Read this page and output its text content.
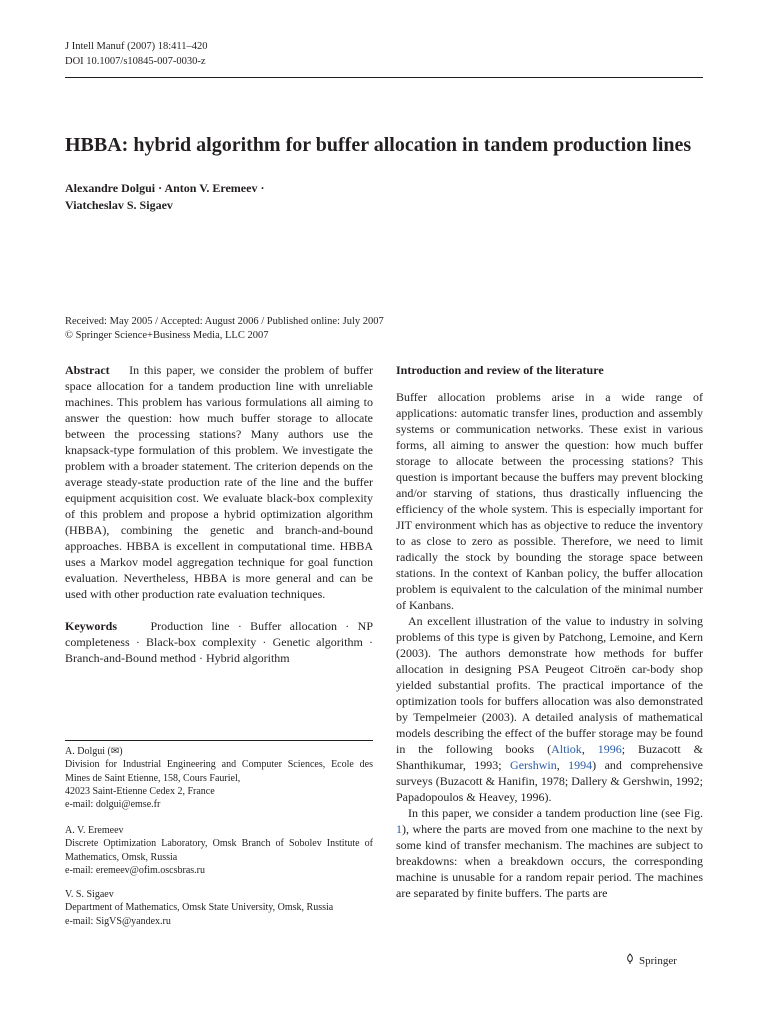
J Intell Manuf (2007) 18:411–420
DOI 10.1007/s10845-007-0030-z
HBBA: hybrid algorithm for buffer allocation in tandem production lines
Alexandre Dolgui · Anton V. Eremeev ·
Viatcheslav S. Sigaev
Received: May 2005 / Accepted: August 2006 / Published online: July 2007
© Springer Science+Business Media, LLC 2007

Abstract In this paper, we consider the problem of buffer space allocation for a tandem production line with unreliable machines. This problem has various formulations all aiming to answer the question: how much buffer storage to allocate between the processing stations? Many authors use the knapsack-type formulation of this problem. We investigate the problem with a broader statement. The criterion depends on the average steady-state production rate of the line and the buffer equipment acquisition cost. We evaluate black-box complexity of this problem and propose a hybrid optimization algorithm (HBBA), combining the genetic and branch-and-bound approaches. HBBA is excellent in computational time. HBBA uses a Markov model aggregation technique for goal function evaluation. Nevertheless, HBBA is more general and can be used with other production rate evaluation techniques.

Keywords	Production line · Buffer allocation · NP completeness · Black-box complexity · Genetic algorithm · Branch-and-Bound method · Hybrid algorithm

A. Dolgui (✉)
Division for Industrial Engineering and Computer Sciences, Ecole des Mines de Saint Etienne, 158, Cours Fauriel,
42023 Saint-Etienne Cedex 2, France
e-mail: dolgui@emse.fr
A. V. Eremeev
Discrete Optimization Laboratory, Omsk Branch of Sobolev Institute of Mathematics, Omsk, Russia
e-mail: eremeev@ofim.oscsbras.ru
V. S. Sigaev
Department of Mathematics, Omsk State University, Omsk, Russia
e-mail: SigVS@yandex.ru
Introduction and review of the literature

Buffer allocation problems arise in a wide range of applications: automatic transfer lines, production and assembly systems or communication networks. These exist in various forms, all aiming to answer the question: how much buffer storage to allocate between the processing stations? This question is important because the buffers may prevent blocking and/or starving of stations, thus drastically influencing the efficiency of the whole system. This is especially important for JIT environment which has as objective to reduce the inventory to as close to zero as possible. Therefore, we need to limit radically the stock by bounding the storage space between stations. In the context of Kanban policy, the buffer allocation problem is equivalent to the calculation of the minimal number of Kanbans.

An excellent illustration of the value to industry in solving problems of this type is given by Patchong, Lemoine, and Kern (2003). The authors demonstrate how methods for buffer allocation in designing PSA Peugeot Citroën car-body shop yielded substantial profits. The practical importance of the optimization tools for buffers allocation was also demonstrated by Tempelmeier (2003). A detailed analysis of mathematical models describing the effect of the buffer storage may be found in the following books (Altiok, 1996; Buzacott & Shanthikumar, 1993; Gershwin, 1994) and comprehensive surveys (Buzacott & Hanifin, 1978; Dallery & Gershwin, 1992; Papadopoulos & Heavey, 1996).

In this paper, we consider a tandem production line (see Fig. 1), where the parts are moved from one machine to the next by some kind of transfer mechanism. The machines are subject to breakdowns: when a breakdown occurs, the corresponding machine is unusable for a random repair period. The machines are separated by finite buffers. The parts are

Springer
